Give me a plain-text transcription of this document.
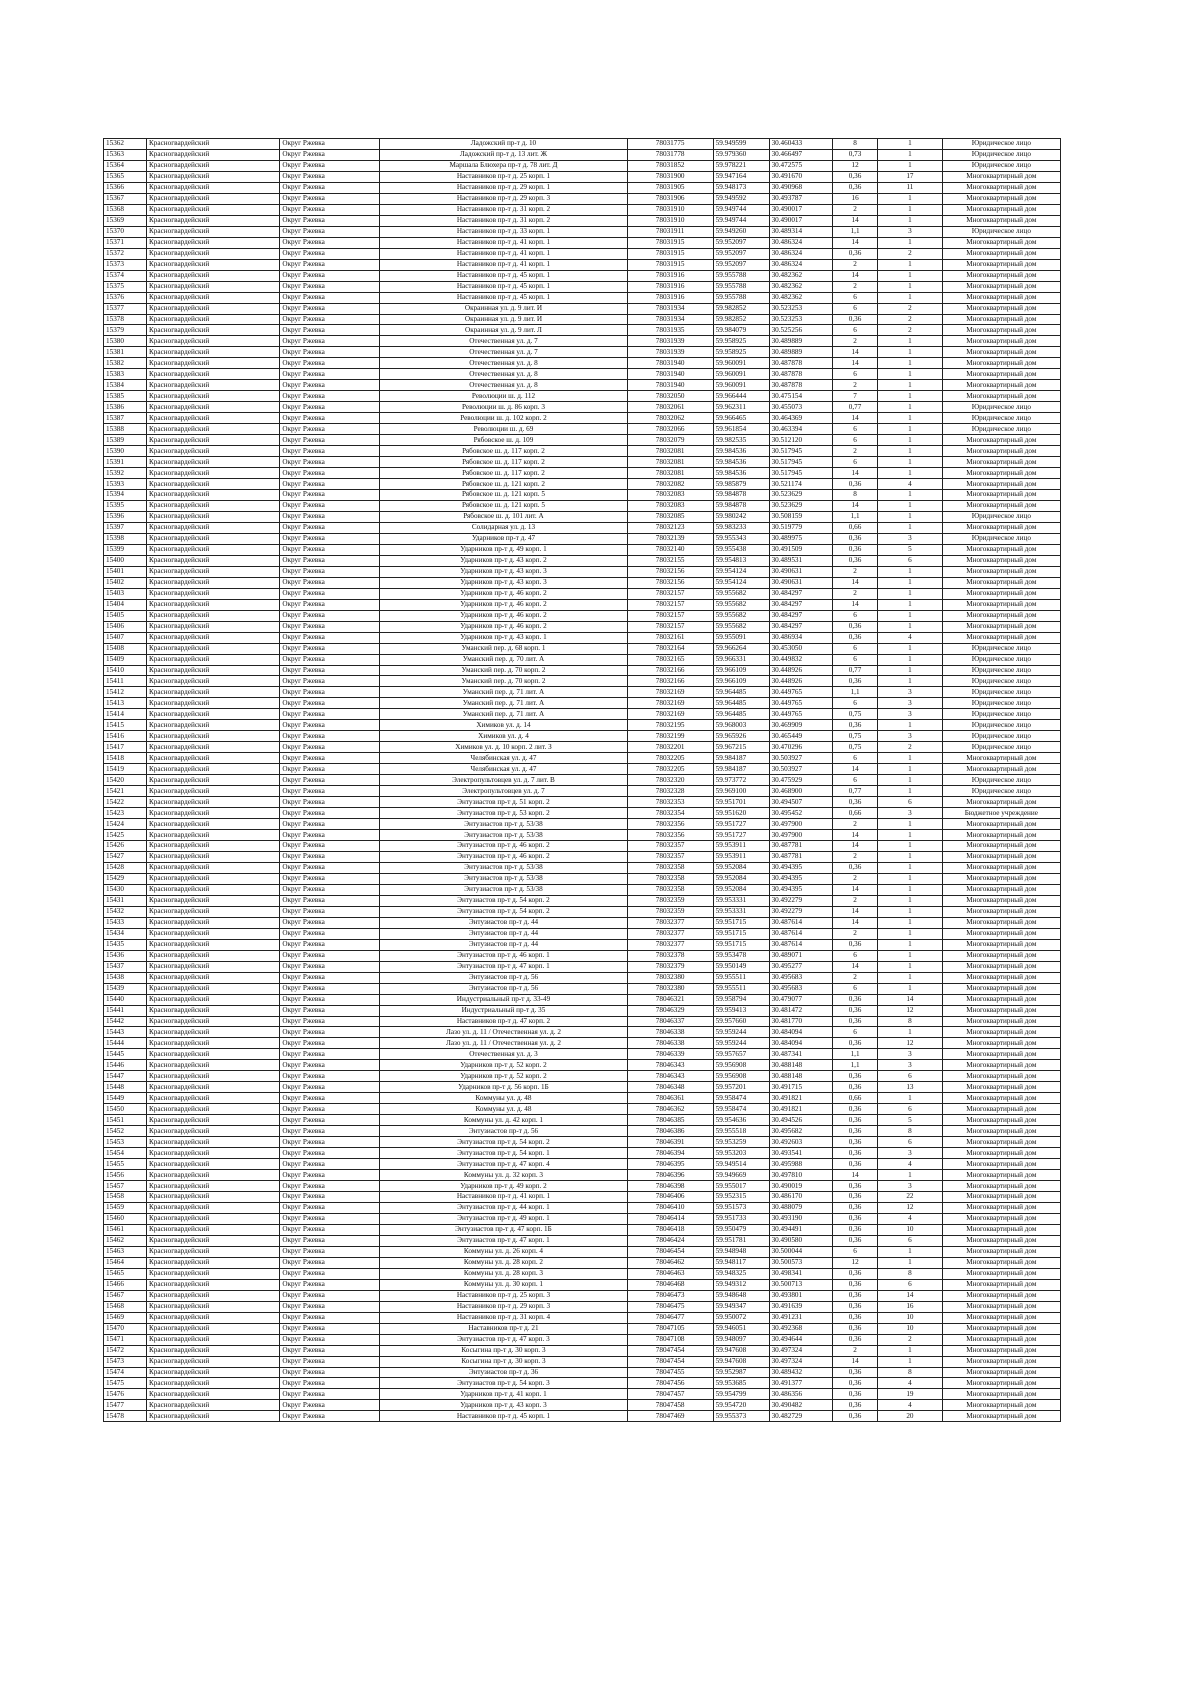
15362	Красногвардейский	Округ Ржевка	Ладожский пр-т д. 10	78031775	59.949599	30.460433	8	1	Юридическое лицо
15363	Красногвардейский	Округ Ржевка	Ладожский пр-т д. 13 лит. Ж	78031778	59.979360	30.466497	0,73	1	Юридическое лицо
15364	Красногвардейский	Округ Ржевка	Маршала Блюхера пр-т д. 78 лит. Д	78031852	59.978221	30.472575	12	1	Юридическое лицо
15365	Красногвардейский	Округ Ржевка	Наставников пр-т д. 25 корп. 1	78031900	59.947164	30.491670	0,36	17	Многоквартирный дом
15366	Красногвардейский	Округ Ржевка	Наставников пр-т д. 29 корп. 1	78031905	59.948173	30.490968	0,36	11	Многоквартирный дом
15367	Красногвардейский	Округ Ржевка	Наставников пр-т д. 29 корп. 3	78031906	59.949592	30.493787	16	1	Многоквартирный дом
15368	Красногвардейский	Округ Ржевка	Наставников пр-т д. 31 корп. 2	78031910	59.949744	30.490017	2	1	Многоквартирный дом
15369	Красногвардейский	Округ Ржевка	Наставников пр-т д. 31 корп. 2	78031910	59.949744	30.490017	14	1	Многоквартирный дом
15370	Красногвардейский	Округ Ржевка	Наставников пр-т д. 33 корп. 1	78031911	59.949260	30.489314	1,1	3	Юридическое лицо
15371	Красногвардейский	Округ Ржевка	Наставников пр-т д. 41 корп. 1	78031915	59.952097	30.486324	14	1	Многоквартирный дом
15372	Красногвардейский	Округ Ржевка	Наставников пр-т д. 41 корп. 1	78031915	59.952097	30.486324	0,36	2	Многоквартирный дом
15373	Красногвардейский	Округ Ржевка	Наставников пр-т д. 41 корп. 1	78031915	59.952097	30.486324	2	1	Многоквартирный дом
15374	Красногвардейский	Округ Ржевка	Наставников пр-т д. 45 корп. 1	78031916	59.955788	30.482362	14	1	Многоквартирный дом
15375	Красногвардейский	Округ Ржевка	Наставников пр-т д. 45 корп. 1	78031916	59.955788	30.482362	2	1	Многоквартирный дом
15376	Красногвардейский	Округ Ржевка	Наставников пр-т д. 45 корп. 1	78031916	59.955788	30.482362	6	1	Многоквартирный дом
15377	Красногвардейский	Округ Ржевка	Окраинная ул. д. 9 лит. И	78031934	59.982852	30.523253	6	2	Многоквартирный дом
15378	Красногвардейский	Округ Ржевка	Окраинная ул. д. 9 лит. И	78031934	59.982852	30.523253	0,36	2	Многоквартирный дом
15379	Красногвардейский	Округ Ржевка	Окраинная ул. д. 9 лит. Л	78031935	59.984079	30.525256	6	2	Многоквартирный дом
15380	Красногвардейский	Округ Ржевка	Отечественная ул. д. 7	78031939	59.958925	30.489889	2	1	Многоквартирный дом
15381	Красногвардейский	Округ Ржевка	Отечественная ул. д. 7	78031939	59.958925	30.489889	14	1	Многоквартирный дом
15382	Красногвардейский	Округ Ржевка	Отечественная ул. д. 8	78031940	59.960091	30.487878	14	1	Многоквартирный дом
15383	Красногвардейский	Округ Ржевка	Отечественная ул. д. 8	78031940	59.960091	30.487878	6	1	Многоквартирный дом
15384	Красногвардейский	Округ Ржевка	Отечественная ул. д. 8	78031940	59.960091	30.487878	2	1	Многоквартирный дом
15385	Красногвардейский	Округ Ржевка	Революции ш. д. 112	78032050	59.966444	30.475154	7	1	Многоквартирный дом
15386	Красногвардейский	Округ Ржевка	Революции ш. д. 86 корп. 3	78032061	59.962311	30.455073	0,77	1	Юридическое лицо
15387	Красногвардейский	Округ Ржевка	Революции ш. д. 102 корп. 2	78032062	59.966465	30.464369	14	1	Юридическое лицо
15388	Красногвардейский	Округ Ржевка	Революции ш. д. 69	78032066	59.961854	30.463394	6	1	Юридическое лицо
15389	Красногвардейский	Округ Ржевка	Рябовское ш. д. 109	78032079	59.982535	30.512120	6	1	Многоквартирный дом
15390	Красногвардейский	Округ Ржевка	Рябовское ш. д. 117 корп. 2	78032081	59.984536	30.517945	2	1	Многоквартирный дом
15391	Красногвардейский	Округ Ржевка	Рябовское ш. д. 117 корп. 2	78032081	59.984536	30.517945	6	1	Многоквартирный дом
15392	Красногвардейский	Округ Ржевка	Рябовское ш. д. 117 корп. 2	78032081	59.984536	30.517945	14	1	Многоквартирный дом
15393	Красногвардейский	Округ Ржевка	Рябовское ш. д. 121 корп. 2	78032082	59.985879	30.521174	0,36	4	Многоквартирный дом
15394	Красногвардейский	Округ Ржевка	Рябовское ш. д. 121 корп. 5	78032083	59.984878	30.523629	8	1	Многоквартирный дом
15395	Красногвардейский	Округ Ржевка	Рябовское ш. д. 121 корп. 5	78032083	59.984878	30.523629	14	1	Многоквартирный дом
15396	Красногвардейский	Округ Ржевка	Рябовское ш. д. 101 лит. А	78032085	59.980242	30.508159	1,1	1	Юридическое лицо
15397	Красногвардейский	Округ Ржевка	Солидарная ул. д. 13	78032123	59.983233	30.519779	0,66	1	Многоквартирный дом
15398	Красногвардейский	Округ Ржевка	Ударников пр-т д. 47	78032139	59.955343	30.489975	0,36	3	Юридическое лицо
15399	Красногвардейский	Округ Ржевка	Ударников пр-т д. 49 корп. 1	78032140	59.955438	30.491509	0,36	5	Многоквартирный дом
15400	Красногвардейский	Округ Ржевка	Ударников пр-т д. 43 корп. 2	78032155	59.954813	30.489531	0,36	6	Многоквартирный дом
15401	Красногвардейский	Округ Ржевка	Ударников пр-т д. 43 корп. 3	78032156	59.954124	30.490631	2	1	Многоквартирный дом
15402	Красногвардейский	Округ Ржевка	Ударников пр-т д. 43 корп. 3	78032156	59.954124	30.490631	14	1	Многоквартирный дом
15403	Красногвардейский	Округ Ржевка	Ударников пр-т д. 46 корп. 2	78032157	59.955682	30.484297	2	1	Многоквартирный дом
15404	Красногвардейский	Округ Ржевка	Ударников пр-т д. 46 корп. 2	78032157	59.955682	30.484297	14	1	Многоквартирный дом
15405	Красногвардейский	Округ Ржевка	Ударников пр-т д. 46 корп. 2	78032157	59.955682	30.484297	6	1	Многоквартирный дом
15406	Красногвардейский	Округ Ржевка	Ударников пр-т д. 46 корп. 2	78032157	59.955682	30.484297	0,36	1	Многоквартирный дом
15407	Красногвардейский	Округ Ржевка	Ударников пр-т д. 43 корп. 1	78032161	59.955091	30.486934	0,36	4	Многоквартирный дом
15408	Красногвардейский	Округ Ржевка	Уманский пер. д. 68 корп. 1	78032164	59.966264	30.453050	6	1	Юридическое лицо
15409	Красногвардейский	Округ Ржевка	Уманский пер. д. 70 лит. А	78032165	59.966331	30.449832	6	1	Юридическое лицо
15410	Красногвардейский	Округ Ржевка	Уманский пер. д. 70 корп. 2	78032166	59.966109	30.448926	0,77	1	Юридическое лицо
15411	Красногвардейский	Округ Ржевка	Уманский пер. д. 70 корп. 2	78032166	59.966109	30.448926	0,36	1	Юридическое лицо
15412	Красногвардейский	Округ Ржевка	Уманский пер. д. 71 лит. А	78032169	59.964485	30.449765	1,1	3	Юридическое лицо
15413	Красногвардейский	Округ Ржевка	Уманский пер. д. 71 лит. А	78032169	59.964485	30.449765	6	3	Юридическое лицо
15414	Красногвардейский	Округ Ржевка	Уманский пер. д. 71 лит. А	78032169	59.964485	30.449765	0,75	3	Юридическое лицо
15415	Красногвардейский	Округ Ржевка	Химиков ул. д. 14	78032195	59.968003	30.469909	0,36	1	Юридическое лицо
15416	Красногвардейский	Округ Ржевка	Химиков ул. д. 4	78032199	59.965926	30.465449	0,75	3	Юридическое лицо
15417	Красногвардейский	Округ Ржевка	Химиков ул. д. 10 корп. 2 лит. З	78032201	59.967215	30.470296	0,75	2	Юридическое лицо
15418	Красногвардейский	Округ Ржевка	Челябинская ул. д. 47	78032205	59.984187	30.503927	6	1	Многоквартирный дом
15419	Красногвардейский	Округ Ржевка	Челябинская ул. д. 47	78032205	59.984187	30.503927	14	1	Многоквартирный дом
15420	Красногвардейский	Округ Ржевка	Электропультовцев ул. д. 7 лит. В	78032320	59.973772	30.475929	6	1	Юридическое лицо
15421	Красногвардейский	Округ Ржевка	Электропультовцев ул. д. 7	78032328	59.969100	30.468900	0,77	1	Юридическое лицо
15422	Красногвардейский	Округ Ржевка	Энтузиастов пр-т д. 51 корп. 2	78032353	59.951701	30.494507	0,36	6	Многоквартирный дом
15423	Красногвардейский	Округ Ржевка	Энтузиастов пр-т д. 53 корп. 2	78032354	59.951620	30.495452	0,66	3	Бюджетное учреждение
15424	Красногвардейский	Округ Ржевка	Энтузиастов пр-т д. 53/38	78032356	59.951727	30.497900	2	1	Многоквартирный дом
15425	Красногвардейский	Округ Ржевка	Энтузиастов пр-т д. 53/38	78032356	59.951727	30.497900	14	1	Многоквартирный дом
15426	Красногвардейский	Округ Ржевка	Энтузиастов пр-т д. 46 корп. 2	78032357	59.953911	30.487781	14	1	Многоквартирный дом
15427	Красногвардейский	Округ Ржевка	Энтузиастов пр-т д. 46 корп. 2	78032357	59.953911	30.487781	2	1	Многоквартирный дом
15428	Красногвардейский	Округ Ржевка	Энтузиастов пр-т д. 53/38	78032358	59.952084	30.494395	0,36	1	Многоквартирный дом
15429	Красногвардейский	Округ Ржевка	Энтузиастов пр-т д. 53/38	78032358	59.952084	30.494395	2	1	Многоквартирный дом
15430	Красногвардейский	Округ Ржевка	Энтузиастов пр-т д. 53/38	78032358	59.952084	30.494395	14	1	Многоквартирный дом
15431	Красногвардейский	Округ Ржевка	Энтузиастов пр-т д. 54 корп. 2	78032359	59.953331	30.492279	2	1	Многоквартирный дом
15432	Красногвардейский	Округ Ржевка	Энтузиастов пр-т д. 54 корп. 2	78032359	59.953331	30.492279	14	1	Многоквартирный дом
15433	Красногвардейский	Округ Ржевка	Энтузиастов пр-т д. 44	78032377	59.951715	30.487614	14	1	Многоквартирный дом
15434	Красногвардейский	Округ Ржевка	Энтузиастов пр-т д. 44	78032377	59.951715	30.487614	2	1	Многоквартирный дом
15435	Красногвардейский	Округ Ржевка	Энтузиастов пр-т д. 44	78032377	59.951715	30.487614	0,36	1	Многоквартирный дом
15436	Красногвардейский	Округ Ржевка	Энтузиастов пр-т д. 46 корп. 1	78032378	59.953478	30.489071	6	1	Многоквартирный дом
15437	Красногвардейский	Округ Ржевка	Энтузиастов пр-т д. 47 корп. 1	78032379	59.950149	30.495277	14	1	Многоквартирный дом
15438	Красногвардейский	Округ Ржевка	Энтузиастов пр-т д. 56	78032380	59.955511	30.495683	2	1	Многоквартирный дом
15439	Красногвардейский	Округ Ржевка	Энтузиастов пр-т д. 56	78032380	59.955511	30.495683	6	1	Многоквартирный дом
15440	Красногвардейский	Округ Ржевка	Индустриальный пр-т д. 33-49	78046321	59.958794	30.479077	0,36	14	Многоквартирный дом
15441	Красногвардейский	Округ Ржевка	Индустриальный пр-т д. 35	78046329	59.959413	30.481472	0,36	12	Многоквартирный дом
15442	Красногвардейский	Округ Ржевка	Наставников пр-т д. 47 корп. 2	78046337	59.957660	30.481770	0,36	8	Многоквартирный дом
15443	Красногвардейский	Округ Ржевка	Лазо ул. д. 11 / Отечественная ул. д. 2	78046338	59.959244	30.484094	6	1	Многоквартирный дом
15444	Красногвардейский	Округ Ржевка	Лазо ул. д. 11 / Отечественная ул. д. 2	78046338	59.959244	30.484094	0,36	12	Многоквартирный дом
15445	Красногвардейский	Округ Ржевка	Отечественная ул. д. 3	78046339	59.957657	30.487341	1,1	3	Многоквартирный дом
15446	Красногвардейский	Округ Ржевка	Ударников пр-т д. 52 корп. 2	78046343	59.956908	30.488148	1,1	3	Многоквартирный дом
15447	Красногвардейский	Округ Ржевка	Ударников пр-т д. 52 корп. 2	78046343	59.956908	30.488148	0,36	6	Многоквартирный дом
15448	Красногвардейский	Округ Ржевка	Ударников пр-т д. 56 корп. 1Б	78046348	59.957201	30.491715	0,36	13	Многоквартирный дом
15449	Красногвардейский	Округ Ржевка	Коммуны ул. д. 48	78046361	59.958474	30.491821	0,66	1	Многоквартирный дом
15450	Красногвардейский	Округ Ржевка	Коммуны ул. д. 48	78046362	59.958474	30.491821	0,36	6	Многоквартирный дом
15451	Красногвардейский	Округ Ржевка	Коммуны ул. д. 42 корп. 1	78046385	59.954636	30.494526	0,36	5	Многоквартирный дом
15452	Красногвардейский	Округ Ржевка	Энтузиастов пр-т д. 56	78046386	59.955518	30.495682	0,36	8	Многоквартирный дом
15453	Красногвардейский	Округ Ржевка	Энтузиастов пр-т д. 54 корп. 2	78046391	59.953259	30.492603	0,36	6	Многоквартирный дом
15454	Красногвардейский	Округ Ржевка	Энтузиастов пр-т д. 54 корп. 1	78046394	59.953203	30.493541	0,36	3	Многоквартирный дом
15455	Красногвардейский	Округ Ржевка	Энтузиастов пр-т д. 47 корп. 4	78046395	59.949514	30.495988	0,36	4	Многоквартирный дом
15456	Красногвардейский	Округ Ржевка	Коммуны ул. д. 32 корп. 3	78046396	59.949669	30.497810	14	1	Многоквартирный дом
15457	Красногвардейский	Округ Ржевка	Ударников пр-т д. 49 корп. 2	78046398	59.955017	30.490019	0,36	3	Многоквартирный дом
15458	Красногвардейский	Округ Ржевка	Наставников пр-т д. 41 корп. 1	78046406	59.952315	30.486170	0,36	22	Многоквартирный дом
15459	Красногвардейский	Округ Ржевка	Энтузиастов пр-т д. 44 корп. 1	78046410	59.951573	30.488079	0,36	12	Многоквартирный дом
15460	Красногвардейский	Округ Ржевка	Энтузиастов пр-т д. 49 корп. 1	78046414	59.951733	30.493190	0,36	4	Многоквартирный дом
15461	Красногвардейский	Округ Ржевка	Энтузиастов пр-т д. 47 корп. 1Б	78046418	59.950479	30.494491	0,36	10	Многоквартирный дом
15462	Красногвардейский	Округ Ржевка	Энтузиастов пр-т д. 47 корп. 1	78046424	59.951781	30.490580	0,36	6	Многоквартирный дом
15463	Красногвардейский	Округ Ржевка	Коммуны ул. д. 26 корп. 4	78046454	59.948948	30.500044	6	1	Многоквартирный дом
15464	Красногвардейский	Округ Ржевка	Коммуны ул. д. 28 корп. 2	78046462	59.948117	30.500573	12	1	Многоквартирный дом
15465	Красногвардейский	Округ Ржевка	Коммуны ул. д. 28 корп. 3	78046463	59.948325	30.498341	0,36	8	Многоквартирный дом
15466	Красногвардейский	Округ Ржевка	Коммуны ул. д. 30 корп. 1	78046468	59.949312	30.500713	0,36	6	Многоквартирный дом
15467	Красногвардейский	Округ Ржевка	Наставников пр-т д. 25 корп. 3	78046473	59.948648	30.493801	0,36	14	Многоквартирный дом
15468	Красногвардейский	Округ Ржевка	Наставников пр-т д. 29 корп. 3	78046475	59.949347	30.491639	0,36	16	Многоквартирный дом
15469	Красногвардейский	Округ Ржевка	Наставников пр-т д. 31 корп. 4	78046477	59.950072	30.491231	0,36	10	Многоквартирный дом
15470	Красногвардейский	Округ Ржевка	Наставников пр-т д. 21	78047105	59.946051	30.492368	0,36	10	Многоквартирный дом
15471	Красногвардейский	Округ Ржевка	Энтузиастов пр-т д. 47 корп. 3	78047108	59.948097	30.494644	0,36	2	Многоквартирный дом
15472	Красногвардейский	Округ Ржевка	Косыгина пр-т д. 30 корп. 3	78047454	59.947608	30.497324	2	1	Многоквартирный дом
15473	Красногвардейский	Округ Ржевка	Косыгина пр-т д. 30 корп. 3	78047454	59.947608	30.497324	14	1	Многоквартирный дом
15474	Красногвардейский	Округ Ржевка	Энтузиастов пр-т д. 36	78047455	59.952987	30.489432	0,36	8	Многоквартирный дом
15475	Красногвардейский	Округ Ржевка	Энтузиастов пр-т д. 54 корп. 3	78047456	59.953685	30.491377	0,36	4	Многоквартирный дом
15476	Красногвардейский	Округ Ржевка	Ударников пр-т д. 41 корп. 1	78047457	59.954799	30.486356	0,36	19	Многоквартирный дом
15477	Красногвардейский	Округ Ржевка	Ударников пр-т д. 43 корп. 3	78047458	59.954720	30.490482	0,36	4	Многоквартирный дом
15478	Красногвардейский	Округ Ржевка	Наставников пр-т д. 45 корп. 1	78047469	59.955373	30.482729	0,36	20	Многоквартирный дом
